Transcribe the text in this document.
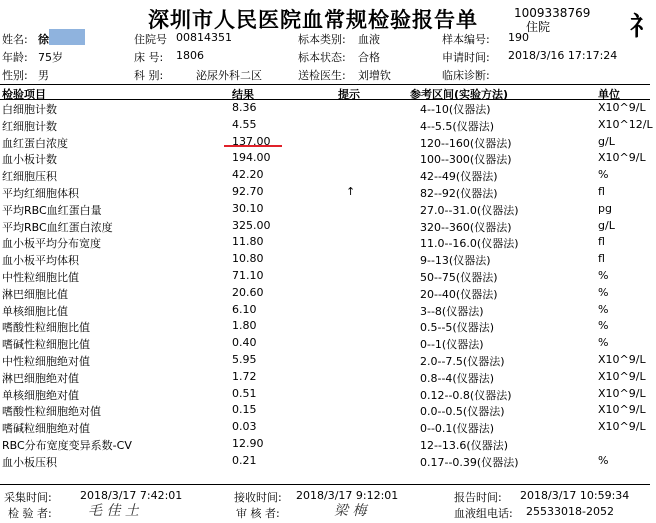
深圳市人民医院血常规检验报告单	1009338769
住院	礻
姓名: 徐	住院号 00814351	标本类别: 血液	样本编号: 190
年龄: 75岁	床 号: 1806	标本状态: 合格	申请时间: 2018/3/16 17:17:24
性别: 男	科 别:	泌尿外科二区	送检医生: 刘增钦	临床诊断:
检验项目	结果	提示	参考区间(实验方法)	单位
白细胞计数	8.36	4--10(仪器法)	X10^9/L
红细胞计数	4.55	4--5.5(仪器法)	X10^12/L
血红蛋白浓度	137.00	120--160(仪器法)	g/L
血小板计数	194.00	100--300(仪器法)	X10^9/L
红细胞压积	42.20	42--49(仪器法)	%
平均红细胞体积	92.70	↑	82--92(仪器法)	fl
平均RBC血红蛋白量	30.10	27.0--31.0(仪器法)	pg
平均RBC血红蛋白浓度	325.00	320--360(仪器法)	g/L
血小板平均分布宽度	11.80	11.0--16.0(仪器法)	fl
血小板平均体积	10.80	9--13(仪器法)	fl
中性粒细胞比值	71.10	50--75(仪器法)	%
淋巴细胞比值	20.60	20--40(仪器法)	%
单核细胞比值	6.10	3--8(仪器法)	%
嗜酸性粒细胞比值	1.80	0.5--5(仪器法)	%
嗜碱性粒细胞比值	0.40	0--1(仪器法)	%
中性粒细胞绝对值	5.95	2.0--7.5(仪器法)	X10^9/L
淋巴细胞绝对值	1.72	0.8--4(仪器法)	X10^9/L
单核细胞绝对值	0.51	0.12--0.8(仪器法)	X10^9/L
嗜酸性粒细胞绝对值	0.15	0.0--0.5(仪器法)	X10^9/L
嗜碱粒细胞绝对值	0.03	0--0.1(仪器法)	X10^9/L
RBC分布宽度变异系数-CV	12.90	12--13.6(仪器法)
血小板压积	0.21	0.17--0.39(仪器法)	%
采集时间:	2018/3/17 7:42:01	接收时间: 2018/3/17 9:12:01	报告时间: 2018/3/17 10:59:34
检 验 者:	毛 佳 土	审 核 者:	梁 梅	血液组电话: 25533018-2052
